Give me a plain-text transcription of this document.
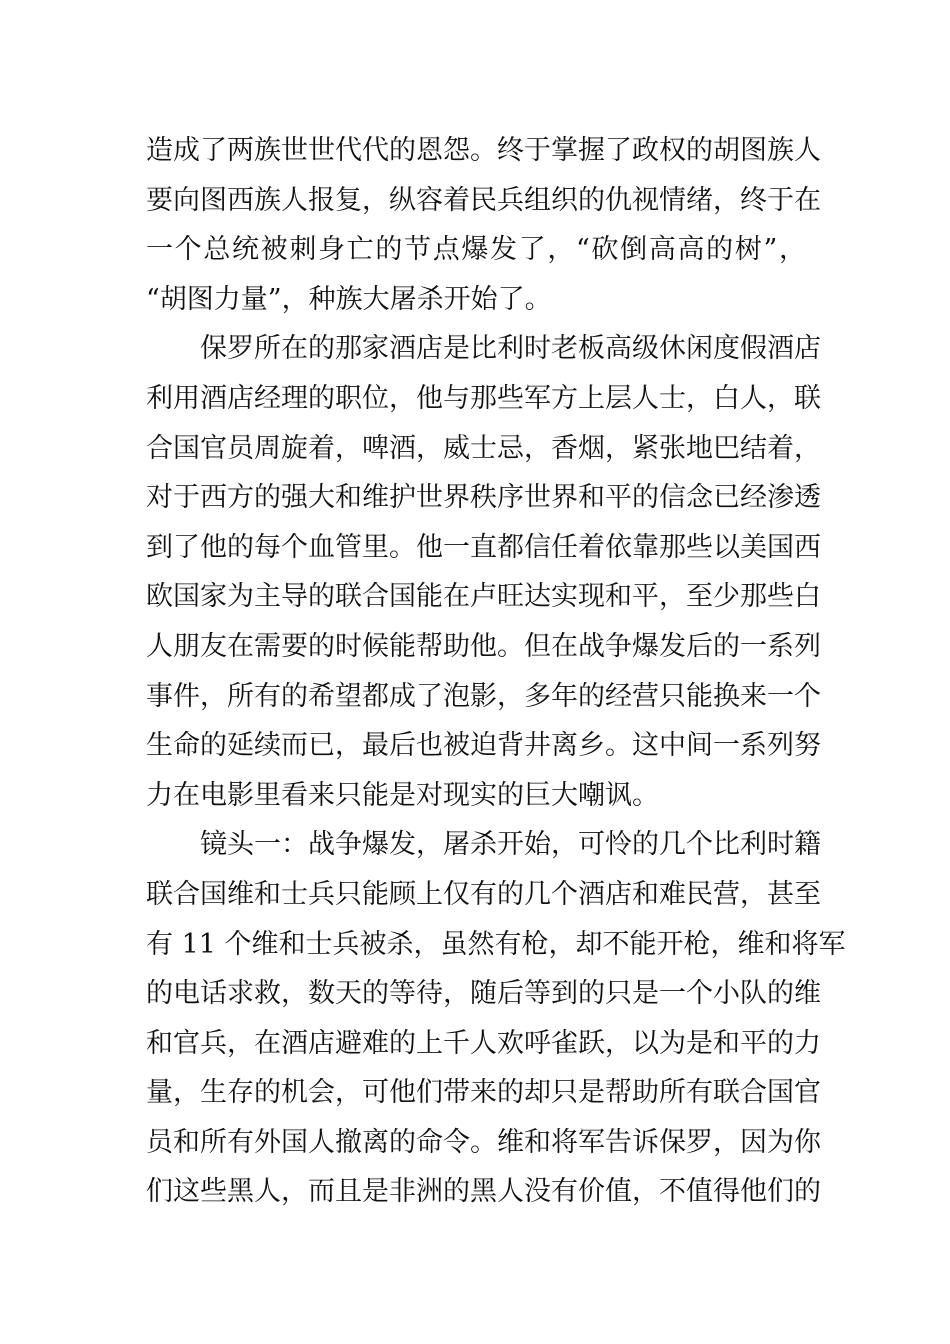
造成了两族世世代代的恩怨。终于掌握了政权的胡图族人
要向图西族人报复，纵容着民兵组织的仇视情绪，终于在
一个总统被刺身亡的节点爆发了，“砍倒高高的树”，
“胡图力量”，种族大屠杀开始了。
　　保罗所在的那家酒店是比利时老板高级休闲度假酒店
利用酒店经理的职位，他与那些军方上层人士，白人，联
合国官员周旋着，啤酒，威士忌，香烟，紧张地巴结着，
对于西方的强大和维护世界秩序世界和平的信念已经渗透
到了他的每个血管里。他一直都信任着依靠那些以美国西
欧国家为主导的联合国能在卢旺达实现和平，至少那些白
人朋友在需要的时候能帮助他。但在战争爆发后的一系列
事件，所有的希望都成了泡影，多年的经营只能换来一个
生命的延续而已，最后也被迫背井离乡。这中间一系列努
力在电影里看来只能是对现实的巨大嘲讽。
　　镜头一：战争爆发，屠杀开始，可怜的几个比利时籍
联合国维和士兵只能顾上仅有的几个酒店和难民营，甚至
有 11 个维和士兵被杀，虽然有枪，却不能开枪，维和将军
的电话求救，数天的等待，随后等到的只是一个小队的维
和官兵，在酒店避难的上千人欢呼雀跃，以为是和平的力
量，生存的机会，可他们带来的却只是帮助所有联合国官
员和所有外国人撤离的命令。维和将军告诉保罗，因为你
们这些黑人，而且是非洲的黑人没有价值，不值得他们的
